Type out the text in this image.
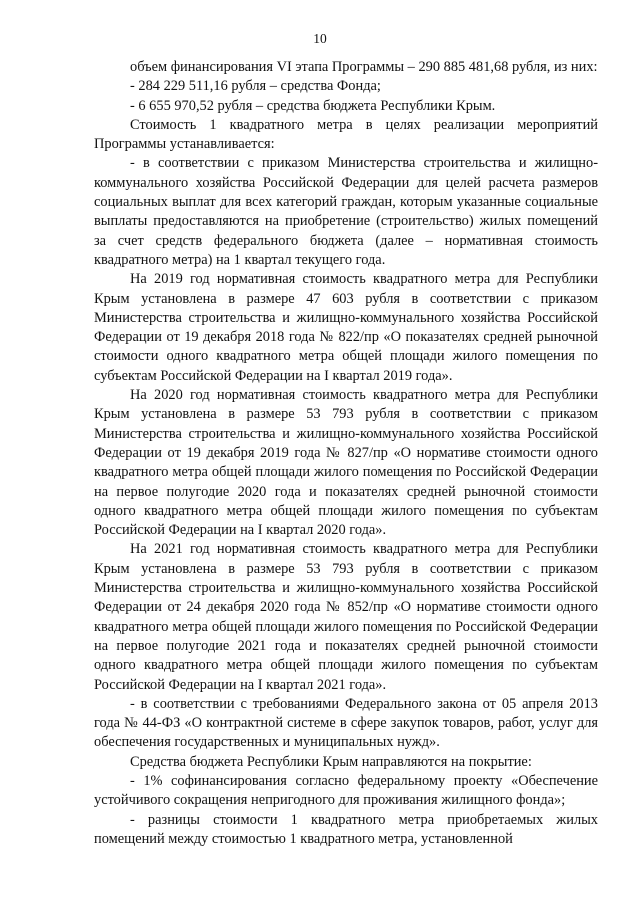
10

объем финансирования VI этапа Программы – 290 885 481,68 рубля, из них:

- 284 229 511,16 рубля – средства Фонда;

- 6 655 970,52 рубля – средства бюджета Республики Крым.

Стоимость 1 квадратного метра в целях реализации мероприятий Программы устанавливается:

- в соответствии с приказом Министерства строительства и жилищно-коммунального хозяйства Российской Федерации для целей расчета размеров социальных выплат для всех категорий граждан, которым указанные социальные выплаты предоставляются на приобретение (строительство) жилых помещений за счет средств федерального бюджета (далее – нормативная стоимость квадратного метра) на 1 квартал текущего года.

На 2019 год нормативная стоимость квадратного метра для Республики Крым установлена в размере 47 603 рубля в соответствии с приказом Министерства строительства и жилищно-коммунального хозяйства Российской Федерации от 19 декабря 2018 года № 822/пр «О показателях средней рыночной стоимости одного квадратного метра общей площади жилого помещения по субъектам Российской Федерации на I квартал 2019 года».

На 2020 год нормативная стоимость квадратного метра для Республики Крым установлена в размере 53 793 рубля в соответствии с приказом Министерства строительства и жилищно-коммунального хозяйства Российской Федерации от 19 декабря 2019 года № 827/пр «О нормативе стоимости одного квадратного метра общей площади жилого помещения по Российской Федерации на первое полугодие 2020 года и показателях средней рыночной стоимости одного квадратного метра общей площади жилого помещения по субъектам Российской Федерации на I квартал 2020 года».

На 2021 год нормативная стоимость квадратного метра для Республики Крым установлена в размере 53 793 рубля в соответствии с приказом Министерства строительства и жилищно-коммунального хозяйства Российской Федерации от 24 декабря 2020 года № 852/пр «О нормативе стоимости одного квадратного метра общей площади жилого помещения по Российской Федерации на первое полугодие 2021 года и показателях средней рыночной стоимости одного квадратного метра общей площади жилого помещения по субъектам Российской Федерации на I квартал 2021 года».

- в соответствии с требованиями Федерального закона от 05 апреля 2013 года № 44-ФЗ «О контрактной системе в сфере закупок товаров, работ, услуг для обеспечения государственных и муниципальных нужд».

Средства бюджета Республики Крым направляются на покрытие:

- 1% софинансирования согласно федеральному проекту «Обеспечение устойчивого сокращения непригодного для проживания жилищного фонда»;

- разницы стоимости 1 квадратного метра приобретаемых жилых помещений между стоимостью 1 квадратного метра, установленной
